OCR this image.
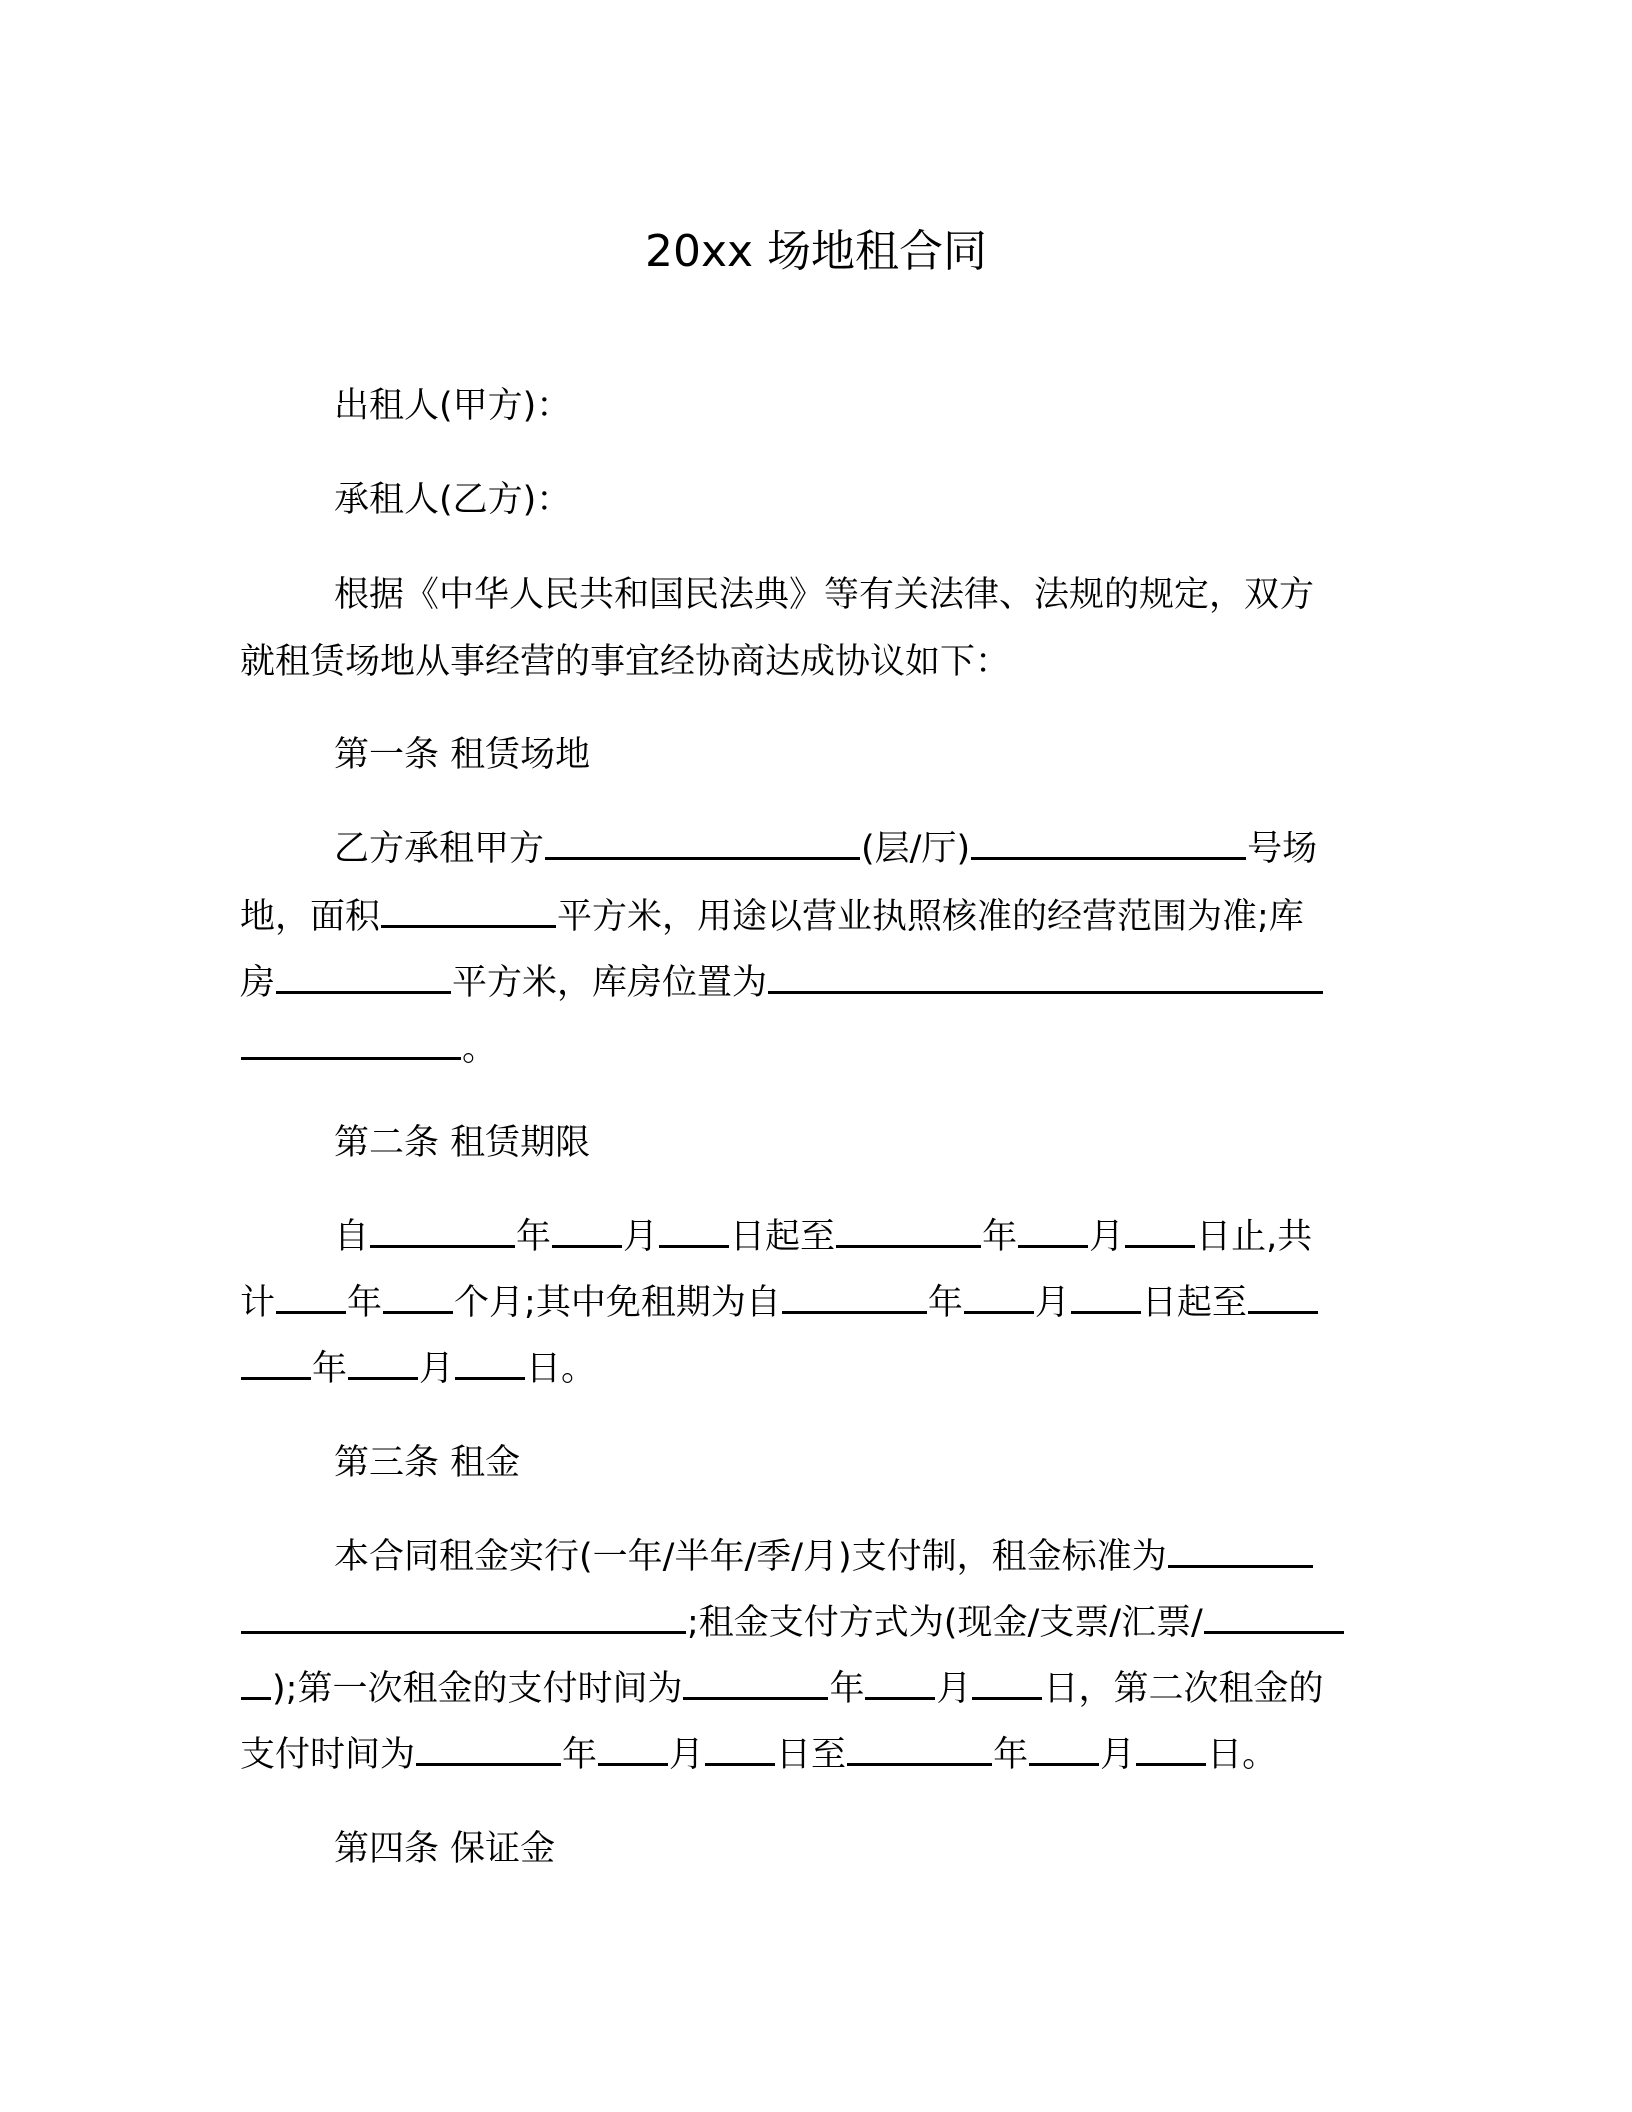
20xx 场地租合同
出租人(甲方)：
承租人(乙方)：
根据《中华人民共和国民法典》等有关法律、法规的规定，双方
就租赁场地从事经营的事宜经协商达成协议如下：
第一条 租赁场地
乙方承租甲方	(层/厅)	号场
地，面积	平方米，用途以营业执照核准的经营范围为准;库
房	平方米，库房位置为
。
第二条 租赁期限
自	年 月 日起至	年 月 日止,共
计 年 个月;其中免租期为自	年 月 日起至
年 月 日。
第三条 租金
本合同租金实行(一年/半年/季/月)支付制，租金标准为
;租金支付方式为(现金/支票/汇票/
);第一次租金的支付时间为	年 月 日，第二次租金的
支付时间为	年 月 日至	年 月 日。
第四条 保证金
